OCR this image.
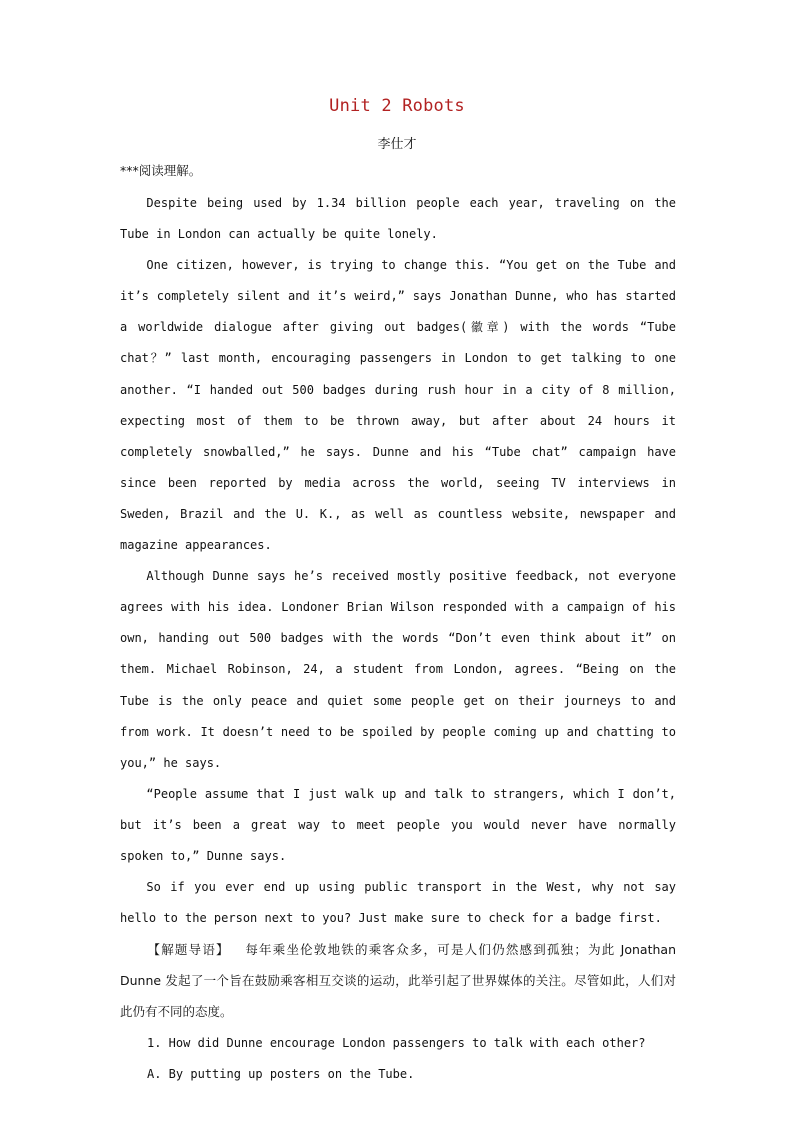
Unit 2 Robots
李仕才
***阅读理解。

Despite being used by 1.34 billion people each year, traveling on the Tube in London can actually be quite lonely.

One citizen, however, is trying to change this. “You get on the Tube and it’s completely silent and it’s weird,” says Jonathan Dunne, who has started a worldwide dialogue after giving out badges(徽章) with the words “Tube chat？” last month, encouraging passengers in London to get talking to one another. “I handed out 500 badges during rush hour in a city of 8 million, expecting most of them to be thrown away, but after about 24 hours it completely snowballed,” he says. Dunne and his “Tube chat” campaign have since been reported by media across the world, seeing TV interviews in Sweden, Brazil and the U. K., as well as countless website, newspaper and magazine appearances.

Although Dunne says he’s received mostly positive feedback, not everyone agrees with his idea. Londoner Brian Wilson responded with a campaign of his own, handing out 500 badges with the words “Don’t even think about it” on them. Michael Robinson, 24, a student from London, agrees. “Being on the Tube is the only peace and quiet some people get on their journeys to and from work. It doesn’t need to be spoiled by people coming up and chatting to you,” he says.

“People assume that I just walk up and talk to strangers, which I don’t, but it’s been a great way to meet people you would never have normally spoken to,” Dunne says.

So if you ever end up using public transport in the West, why not say hello to the person next to you? Just make sure to check for a badge first.

【解题导语】 每年乘坐伦敦地铁的乘客众多，可是人们仍然感到孤独；为此 Jonathan Dunne 发起了一个旨在鼓励乘客相互交谈的运动，此举引起了世界媒体的关注。尽管如此，人们对此仍有不同的态度。

1. How did Dunne encourage London passengers to talk with each other?

A. By putting up posters on the Tube.
